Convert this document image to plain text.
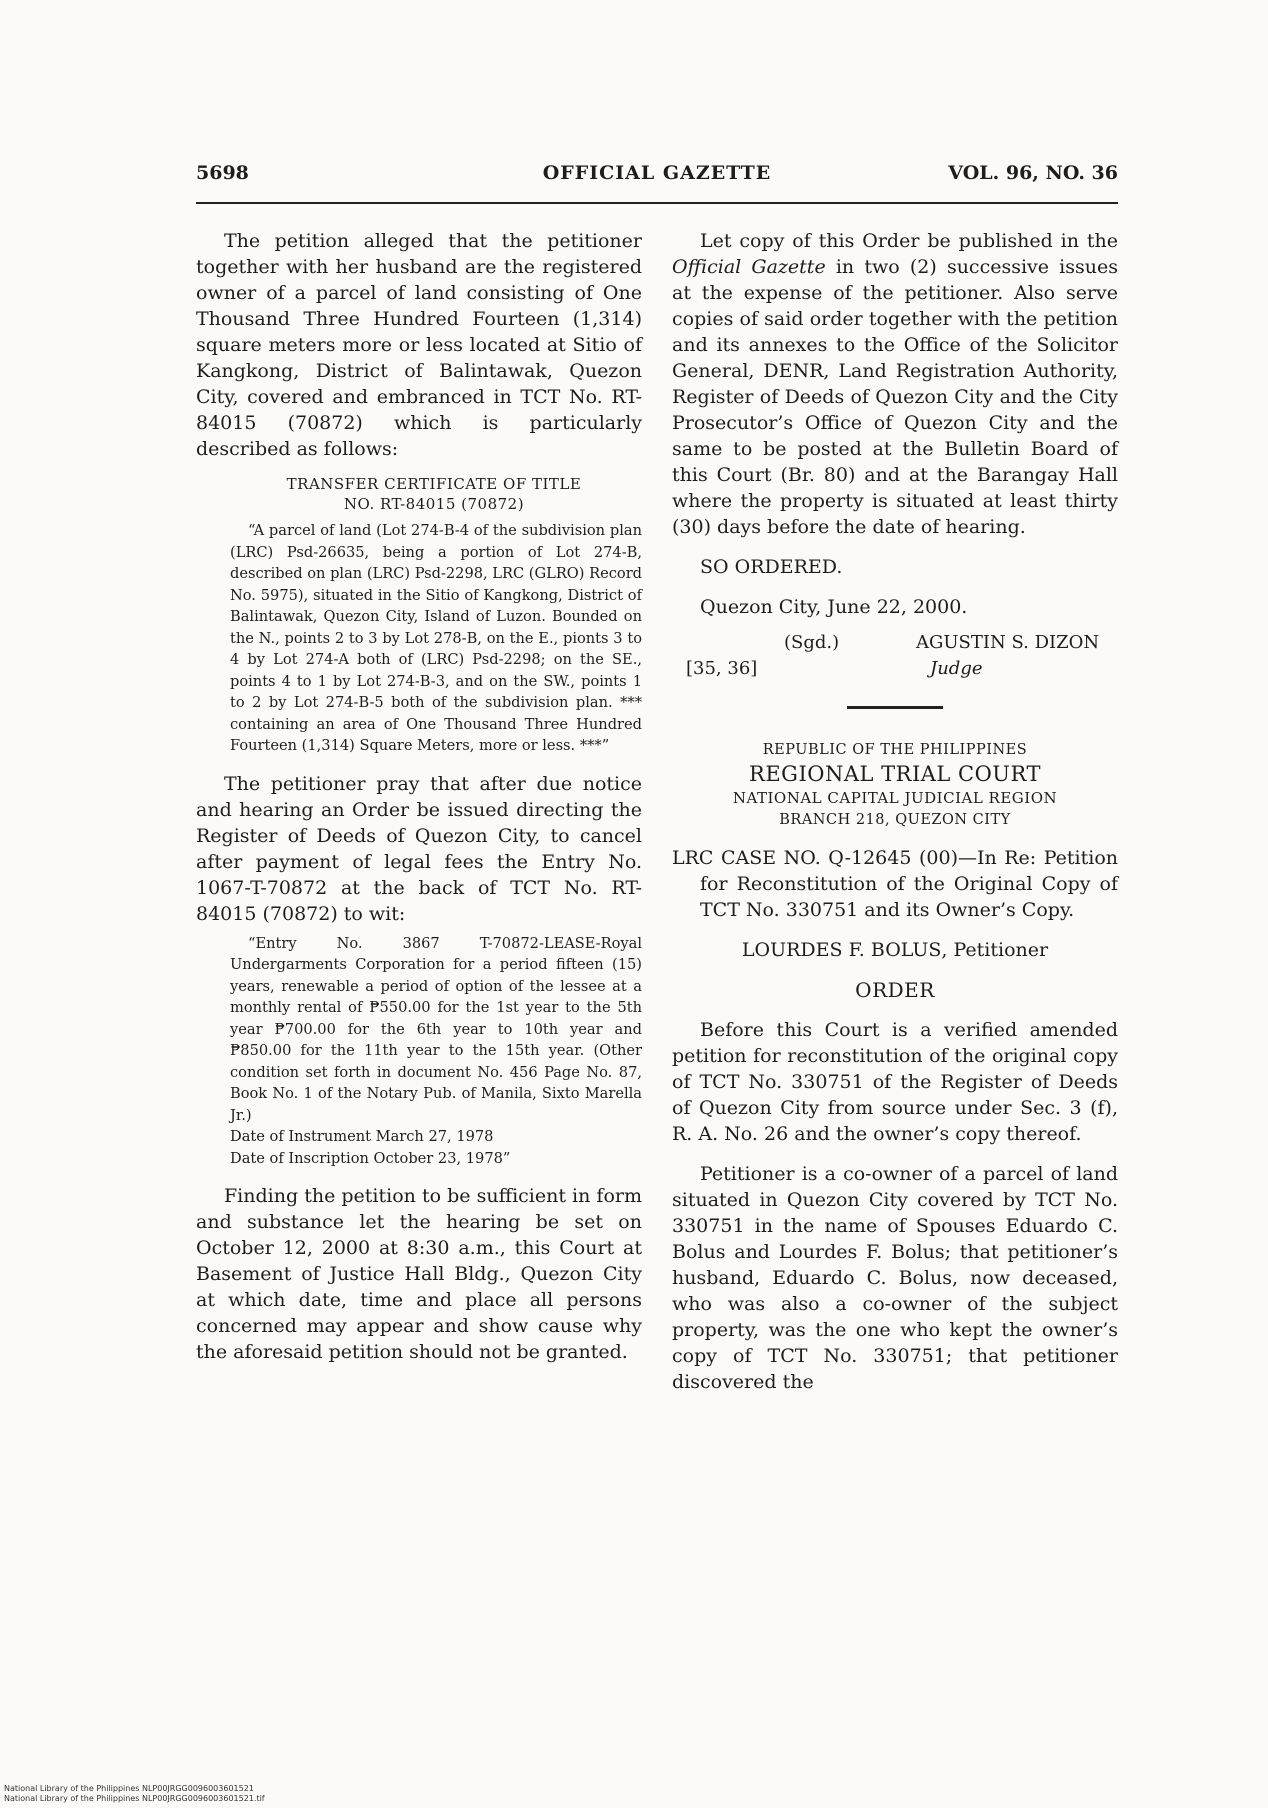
5698	OFFICIAL GAZETTE	VOL. 96, NO. 36

The petition alleged that the petitioner together with her husband are the registered owner of a parcel of land consisting of One Thousand Three Hundred Fourteen (1,314) square meters more or less located at Sitio of Kangkong, District of Balintawak, Quezon City, covered and embranced in TCT No. RT-84015 (70872) which is particularly described as follows:

TRANSFER CERTIFICATE OF TITLE
NO. RT-84015 (70872)
“A parcel of land (Lot 274-B-4 of the subdivision plan (LRC) Psd-26635, being a portion of Lot 274-B, described on plan (LRC) Psd-2298, LRC (GLRO) Record No. 5975), situated in the Sitio of Kangkong, District of Balintawak, Quezon City, Island of Luzon. Bounded on the N., points 2 to 3 by Lot 278-B, on the E., pionts 3 to 4 by Lot 274-A both of (LRC) Psd-2298; on the SE., points 4 to 1 by Lot 274-B-3, and on the SW., points 1 to 2 by Lot 274-B-5 both of the subdivision plan. *** containing an area of One Thousand Three Hundred Fourteen (1,314) Square Meters, more or less. ***”

The petitioner pray that after due notice and hearing an Order be issued directing the Register of Deeds of Quezon City, to cancel after payment of legal fees the Entry No. 1067-T-70872 at the back of TCT No. RT-84015 (70872) to wit:

“Entry No. 3867 T-70872-LEASE-Royal Undergarments Corporation for a period fifteen (15) years, renewable a period of option of the lessee at a monthly rental of ₱550.00 for the 1st year to the 5th year ₱700.00 for the 6th year to 10th year and ₱850.00 for the 11th year to the 15th year. (Other condition set forth in document No. 456 Page No. 87, Book No. 1 of the Notary Pub. of Manila, Sixto Marella Jr.)
Date of Instrument March 27, 1978
Date of Inscription October 23, 1978”

Finding the petition to be sufficient in form and substance let the hearing be set on October 12, 2000 at 8:30 a.m., this Court at Basement of Justice Hall Bldg., Quezon City at which date, time and place all persons concerned may appear and show cause why the aforesaid petition should not be granted.

Let copy of this Order be published in the Official Gazette in two (2) successive issues at the expense of the petitioner. Also serve copies of said order together with the petition and its annexes to the Office of the Solicitor General, DENR, Land Registration Authority, Register of Deeds of Quezon City and the City Prosecutor’s Office of Quezon City and the same to be posted at the Bulletin Board of this Court (Br. 80) and at the Barangay Hall where the property is situated at least thirty (30) days before the date of hearing.

SO ORDERED.

Quezon City, June 22, 2000.

(Sgd.)	AGUSTIN S. DIZON
[35, 36]	Judge
REPUBLIC OF THE PHILIPPINES
REGIONAL TRIAL COURT
NATIONAL CAPITAL JUDICIAL REGION
BRANCH 218, QUEZON CITY

LRC CASE NO. Q-12645 (00)—In Re: Petition for Reconstitution of the Original Copy of TCT No. 330751 and its Owner’s Copy.

LOURDES F. BOLUS, Petitioner
ORDER

Before this Court is a verified amended petition for reconstitution of the original copy of TCT No. 330751 of the Register of Deeds of Quezon City from source under Sec. 3 (f), R. A. No. 26 and the owner’s copy thereof.

Petitioner is a co-owner of a parcel of land situated in Quezon City covered by TCT No. 330751 in the name of Spouses Eduardo C. Bolus and Lourdes F. Bolus; that petitioner’s husband, Eduardo C. Bolus, now deceased, who was also a co-owner of the subject property, was the one who kept the owner’s copy of TCT No. 330751; that petitioner discovered the

National Library of the Philippines NLP00JRGG0096003601521
National Library of the Philippines NLP00JRGG0096003601521.tif
